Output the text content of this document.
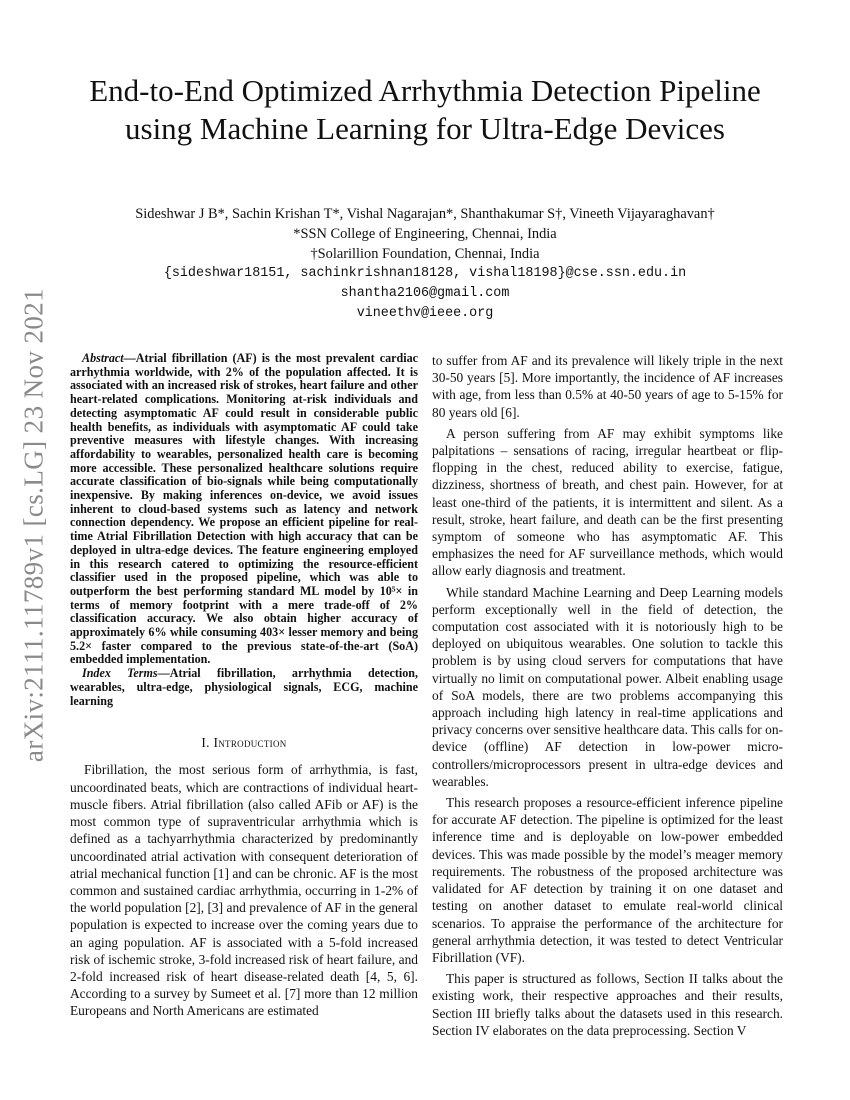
arXiv:2111.11789v1 [cs.LG] 23 Nov 2021
End-to-End Optimized Arrhythmia Detection Pipeline using Machine Learning for Ultra-Edge Devices
Sideshwar J B*, Sachin Krishan T*, Vishal Nagarajan*, Shanthakumar S†, Vineeth Vijayaraghavan†
*SSN College of Engineering, Chennai, India
†Solarillion Foundation, Chennai, India
{sideshwar18151, sachinkrishnan18128, vishal18198}@cse.ssn.edu.in
shantha2106@gmail.com
vineethv@ieee.org

Abstract—Atrial fibrillation (AF) is the most prevalent cardiac arrhythmia worldwide, with 2% of the population affected. It is associated with an increased risk of strokes, heart failure and other heart-related complications. Monitoring at-risk individuals and detecting asymptomatic AF could result in considerable public health benefits, as individuals with asymptomatic AF could take preventive measures with lifestyle changes. With increasing affordability to wearables, personalized health care is becoming more accessible. These personalized healthcare solutions require accurate classification of bio-signals while being computationally inexpensive. By making inferences on-device, we avoid issues inherent to cloud-based systems such as latency and network connection dependency. We propose an efficient pipeline for real-time Atrial Fibrillation Detection with high accuracy that can be deployed in ultra-edge devices. The feature engineering employed in this research catered to optimizing the resource-efficient classifier used in the proposed pipeline, which was able to outperform the best performing standard ML model by 10⁵× in terms of memory footprint with a mere trade-off of 2% classification accuracy. We also obtain higher accuracy of approximately 6% while consuming 403× lesser memory and being 5.2× faster compared to the previous state-of-the-art (SoA) embedded implementation.

Index Terms—Atrial fibrillation, arrhythmia detection, wearables, ultra-edge, physiological signals, ECG, machine learning

I. Introduction

Fibrillation, the most serious form of arrhythmia, is fast, uncoordinated beats, which are contractions of individual heart-muscle fibers. Atrial fibrillation (also called AFib or AF) is the most common type of supraventricular arrhythmia which is defined as a tachyarrhythmia characterized by predominantly uncoordinated atrial activation with consequent deterioration of atrial mechanical function [1] and can be chronic. AF is the most common and sustained cardiac arrhythmia, occurring in 1-2% of the world population [2], [3] and prevalence of AF in the general population is expected to increase over the coming years due to an aging population. AF is associated with a 5-fold increased risk of ischemic stroke, 3-fold increased risk of heart failure, and 2-fold increased risk of heart disease-related death [4, 5, 6]. According to a survey by Sumeet et al. [7] more than 12 million Europeans and North Americans are estimated

to suffer from AF and its prevalence will likely triple in the next 30-50 years [5]. More importantly, the incidence of AF increases with age, from less than 0.5% at 40-50 years of age to 5-15% for 80 years old [6].

A person suffering from AF may exhibit symptoms like palpitations – sensations of racing, irregular heartbeat or flip-flopping in the chest, reduced ability to exercise, fatigue, dizziness, shortness of breath, and chest pain. However, for at least one-third of the patients, it is intermittent and silent. As a result, stroke, heart failure, and death can be the first presenting symptom of someone who has asymptomatic AF. This emphasizes the need for AF surveillance methods, which would allow early diagnosis and treatment.

While standard Machine Learning and Deep Learning models perform exceptionally well in the field of detection, the computation cost associated with it is notoriously high to be deployed on ubiquitous wearables. One solution to tackle this problem is by using cloud servers for computations that have virtually no limit on computational power. Albeit enabling usage of SoA models, there are two problems accompanying this approach including high latency in real-time applications and privacy concerns over sensitive healthcare data. This calls for on-device (offline) AF detection in low-power micro-controllers/microprocessors present in ultra-edge devices and wearables.

This research proposes a resource-efficient inference pipeline for accurate AF detection. The pipeline is optimized for the least inference time and is deployable on low-power embedded devices. This was made possible by the model’s meager memory requirements. The robustness of the proposed architecture was validated for AF detection by training it on one dataset and testing on another dataset to emulate real-world clinical scenarios. To appraise the performance of the architecture for general arrhythmia detection, it was tested to detect Ventricular Fibrillation (VF).

This paper is structured as follows, Section II talks about the existing work, their respective approaches and their results, Section III briefly talks about the datasets used in this research. Section IV elaborates on the data preprocessing. Section V
